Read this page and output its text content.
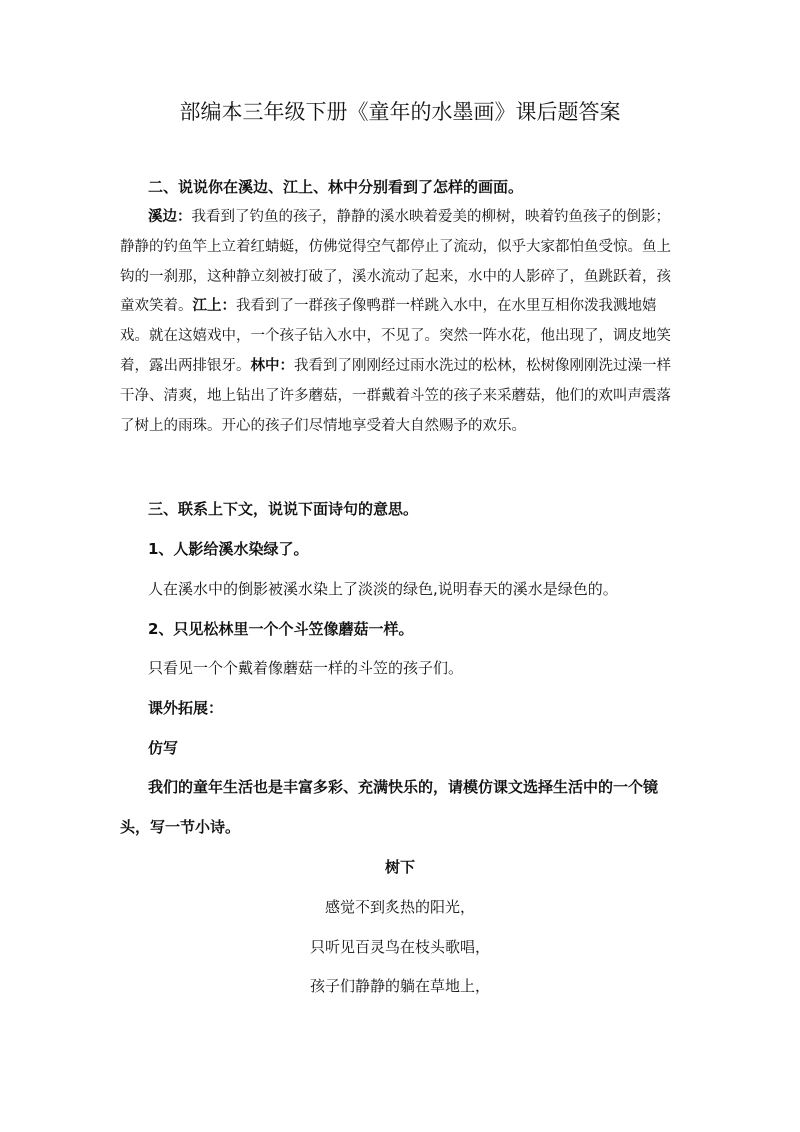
部编本三年级下册《童年的水墨画》课后题答案

二、说说你在溪边、江上、林中分别看到了怎样的画面。

溪边：我看到了钓鱼的孩子，静静的溪水映着爱美的柳树，映着钓鱼孩子的倒影；静静的钓鱼竿上立着红蜻蜓，仿佛觉得空气都停止了流动，似乎大家都怕鱼受惊。鱼上钩的一刹那，这种静立刻被打破了，溪水流动了起来，水中的人影碎了，鱼跳跃着，孩童欢笑着。江上：我看到了一群孩子像鸭群一样跳入水中，在水里互相你泼我溅地嬉戏。就在这嬉戏中，一个孩子钻入水中，不见了。突然一阵水花，他出现了，调皮地笑着，露出两排银牙。林中：我看到了刚刚经过雨水洗过的松林，松树像刚刚洗过澡一样干净、清爽，地上钻出了许多蘑菇，一群戴着斗笠的孩子来采蘑菇，他们的欢叫声震落了树上的雨珠。开心的孩子们尽情地享受着大自然赐予的欢乐。

三、联系上下文，说说下面诗句的意思。

1、人影给溪水染绿了。

人在溪水中的倒影被溪水染上了淡淡的绿色,说明春天的溪水是绿色的。

2、只见松林里一个个斗笠像蘑菇一样。

只看见一个个戴着像蘑菇一样的斗笠的孩子们。

课外拓展：

仿写

我们的童年生活也是丰富多彩、充满快乐的，请模仿课文选择生活中的一个镜头，写一节小诗。

树下

感觉不到炙热的阳光，

只听见百灵鸟在枝头歌唱，

孩子们静静的躺在草地上，
